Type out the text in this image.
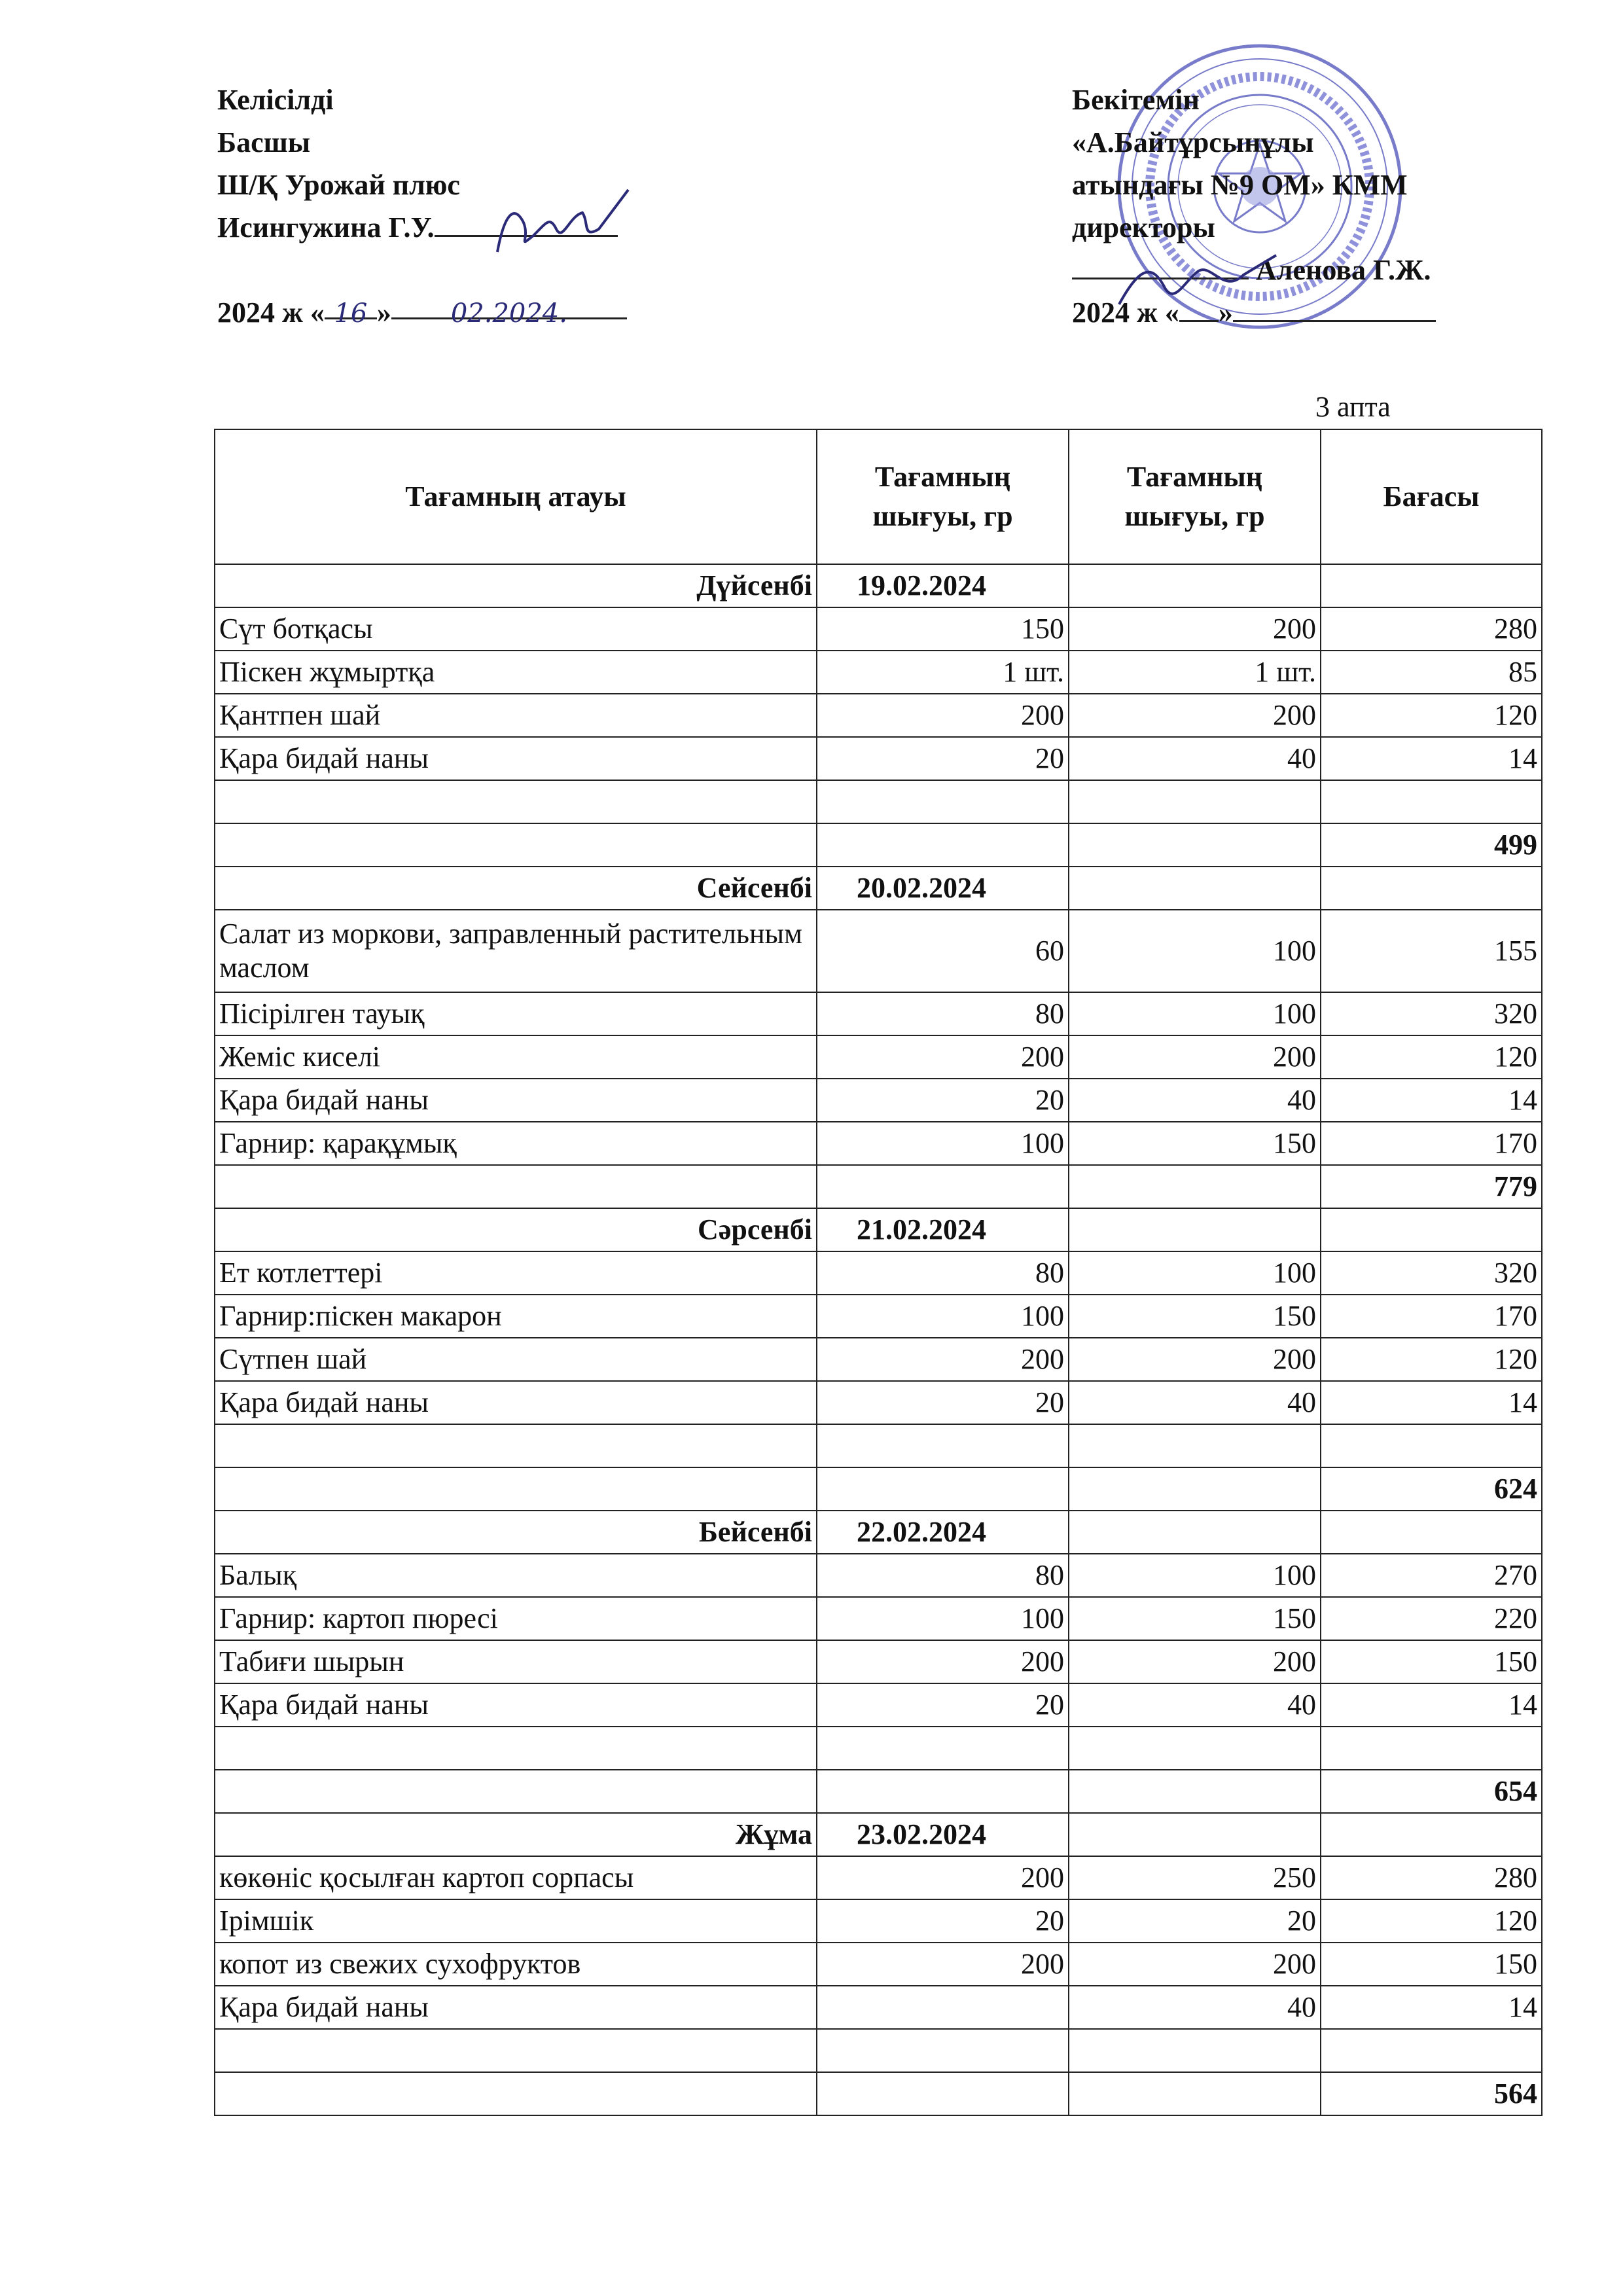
Келісілді
Басшы
Ш/Қ Урожай плюс
Исингужина Г.У.
2024 ж « 16 » 02.2024.
Бекітемін
«А.Байтұрсынұлы
атындағы №9 ОМ» КММ
директоры
Аленова Г.Ж.
2024 ж « »
3 апта
Тағамның атауы	Тағамның шығуы, гр	Тағамның шығуы, гр	Бағасы
Дүйсенбі	19.02.2024		
Сүт ботқасы	150	200	280
Піскен жұмыртқа	1 шт.	1 шт.	85
Қантпен шай	200	200	120
Қара бидай наны	20	40	14

			499
Сейсенбі	20.02.2024		
Салат из моркови, заправленный растительным маслом	60	100	155
Пісірілген тауық	80	100	320
Жеміс киселі	200	200	120
Қара бидай наны	20	40	14
Гарнир: қарақұмық	100	150	170
			779
Сәрсенбі	21.02.2024		
Ет котлеттері	80	100	320
Гарнир:піскен макарон	100	150	170
Сүтпен шай	200	200	120
Қара бидай наны	20	40	14

			624
Бейсенбі	22.02.2024		
Балық	80	100	270
Гарнир: картоп пюресі	100	150	220
Табиғи шырын	200	200	150
Қара бидай наны	20	40	14

			654
Жұма	23.02.2024		
көкөніс қосылған картоп сорпасы	200	250	280
Ірімшік	20	20	120
копот из свежих сухофруктов	200	200	150
Қара бидай наны		40	14

			564
